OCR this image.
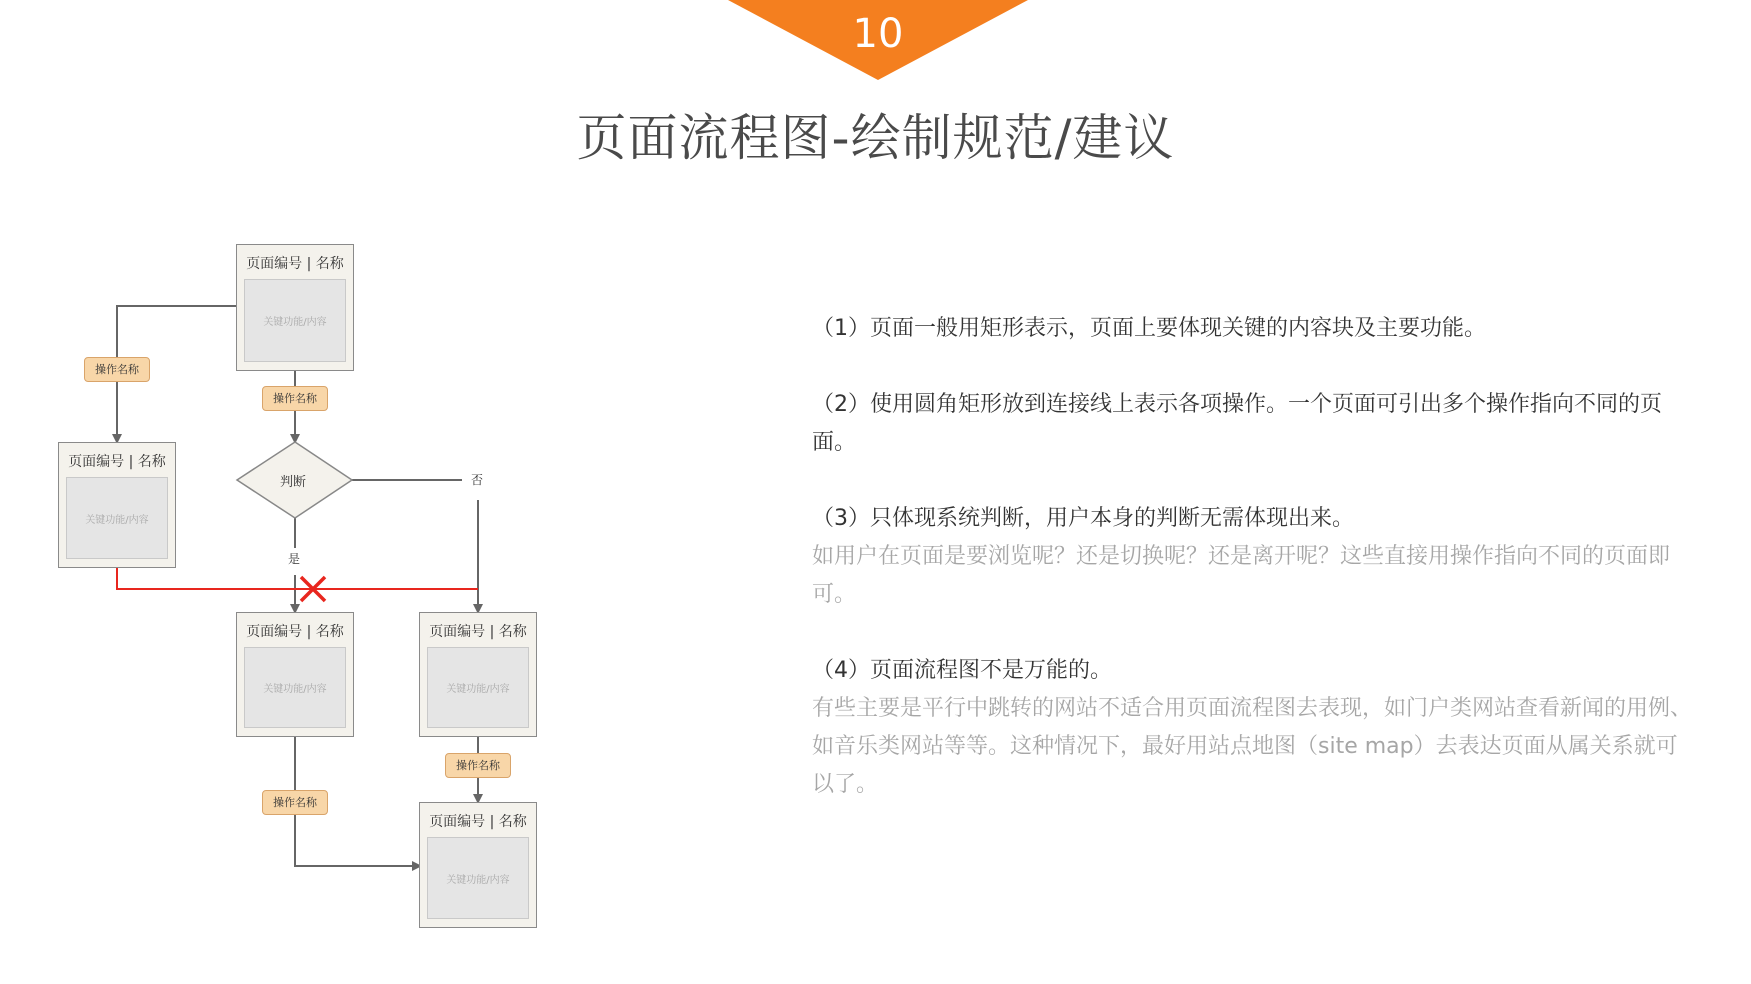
10
页面流程图-绘制规范/建议
页面编号 | 名称
关键功能/内容
页面编号 | 名称
关键功能/内容
页面编号 | 名称
关键功能/内容
页面编号 | 名称
关键功能/内容
页面编号 | 名称
关键功能/内容
操作名称
操作名称
操作名称
操作名称
判断	否
是
（1）页面一般用矩形表示，页面上要体现关键的内容块及主要功能。
（2）使用圆角矩形放到连接线上表示各项操作。一个页面可引出多个操作指向不同的页面。
（3）只体现系统判断，用户本身的判断无需体现出来。
如用户在页面是要浏览呢？还是切换呢？还是离开呢？这些直接用操作指向不同的页面即可。
（4）页面流程图不是万能的。
有些主要是平行中跳转的网站不适合用页面流程图去表现，如门户类网站查看新闻的用例、如音乐类网站等等。这种情况下，最好用站点地图（site map）去表达页面从属关系就可以了。
